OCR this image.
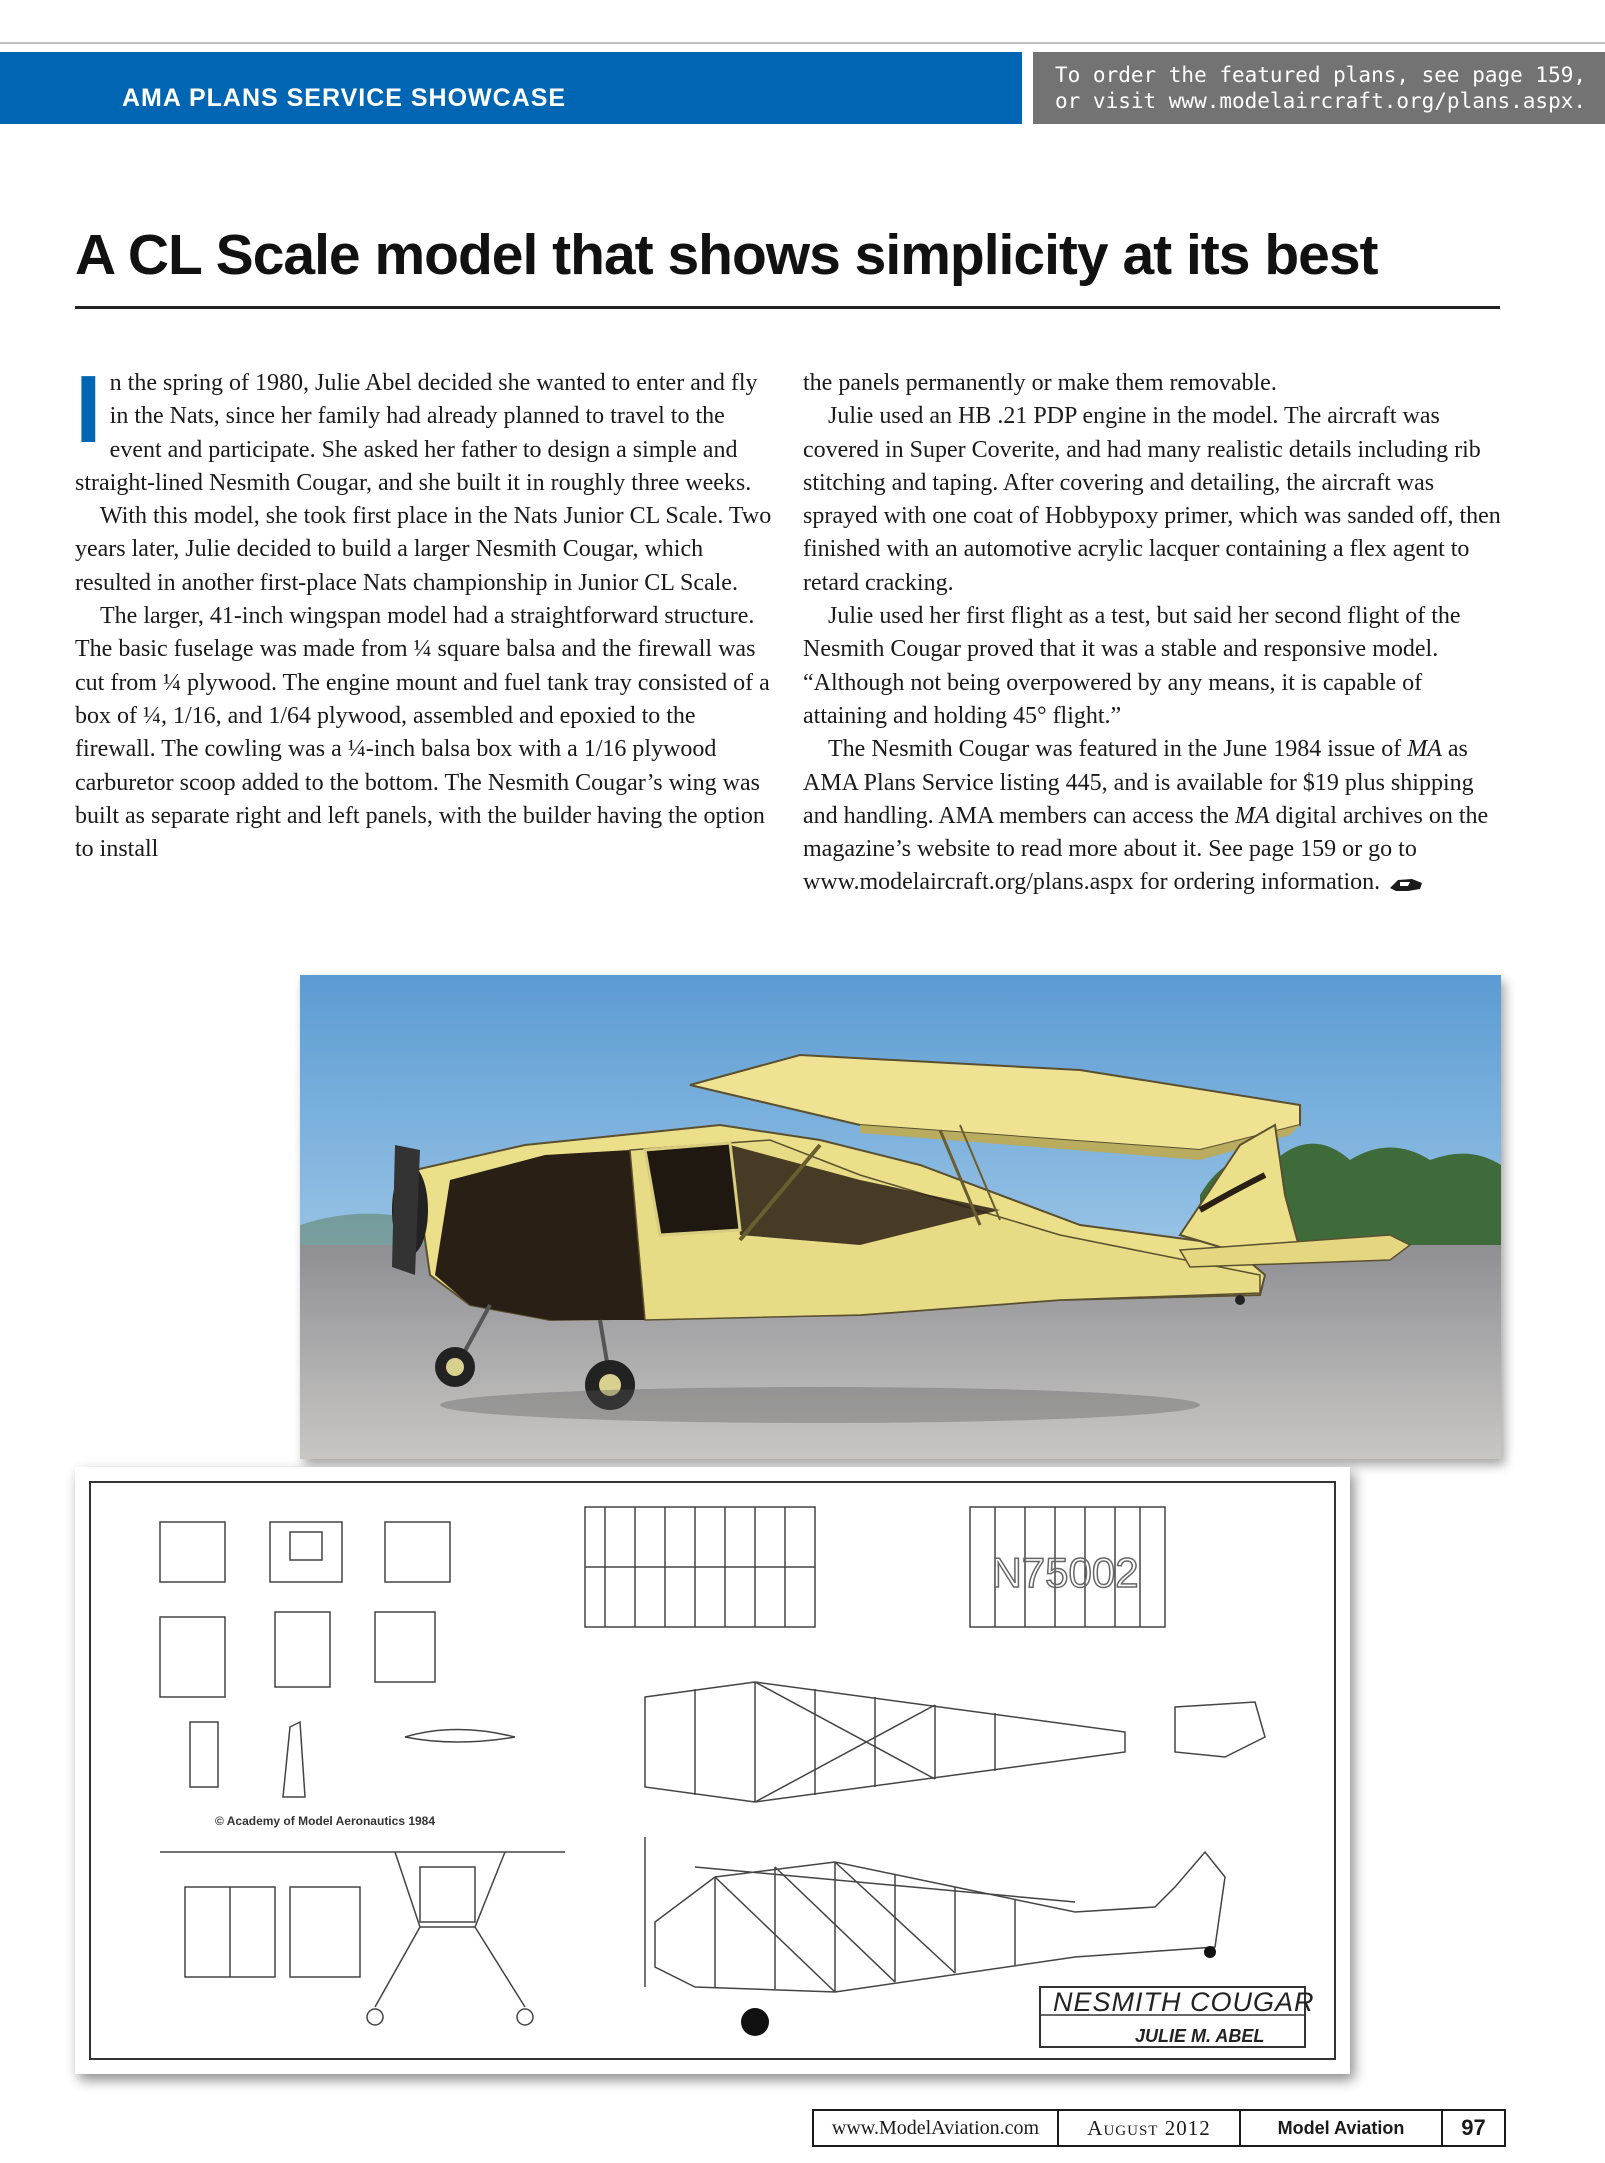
AMA PLANS SERVICE SHOWCASE
To order the featured plans, see page 159,
or visit www.modelaircraft.org/plans.aspx.
A CL Scale model that shows simplicity at its best

In the spring of 1980, Julie Abel decided she wanted to enter and fly in the Nats, since her family had already planned to travel to the event and participate. She asked her father to design a simple and straight-lined Nesmith Cougar, and she built it in roughly three weeks.

With this model, she took first place in the Nats Junior CL Scale. Two years later, Julie decided to build a larger Nesmith Cougar, which resulted in another first-place Nats championship in Junior CL Scale.

The larger, 41-inch wingspan model had a straightforward structure. The basic fuselage was made from ¼ square balsa and the firewall was cut from ¼ plywood. The engine mount and fuel tank tray consisted of a box of ¼, 1/16, and 1/64 plywood, assembled and epoxied to the firewall. The cowling was a ¼-inch balsa box with a 1/16 plywood carburetor scoop added to the bottom. The Nesmith Cougar’s wing was built as separate right and left panels, with the builder having the option to install

the panels permanently or make them removable.

Julie used an HB .21 PDP engine in the model. The aircraft was covered in Super Coverite, and had many realistic details including rib stitching and taping. After covering and detailing, the aircraft was sprayed with one coat of Hobbypoxy primer, which was sanded off, then finished with an automotive acrylic lacquer containing a flex agent to retard cracking.

Julie used her first flight as a test, but said her second flight of the Nesmith Cougar proved that it was a stable and responsive model. “Although not being overpowered by any means, it is capable of attaining and holding 45° flight.”

The Nesmith Cougar was featured in the June 1984 issue of MA as AMA Plans Service listing 445, and is available for $19 plus shipping and handling. AMA members can access the MA digital archives on the magazine’s website to read more about it. See page 159 or go to www.modelaircraft.org/plans.aspx for ordering information.

N75002
© Academy of Model Aeronautics 1984
NESMITH COUGAR
JULIE M. ABEL
www.ModelAviation.com	August 2012	Model Aviation	97
